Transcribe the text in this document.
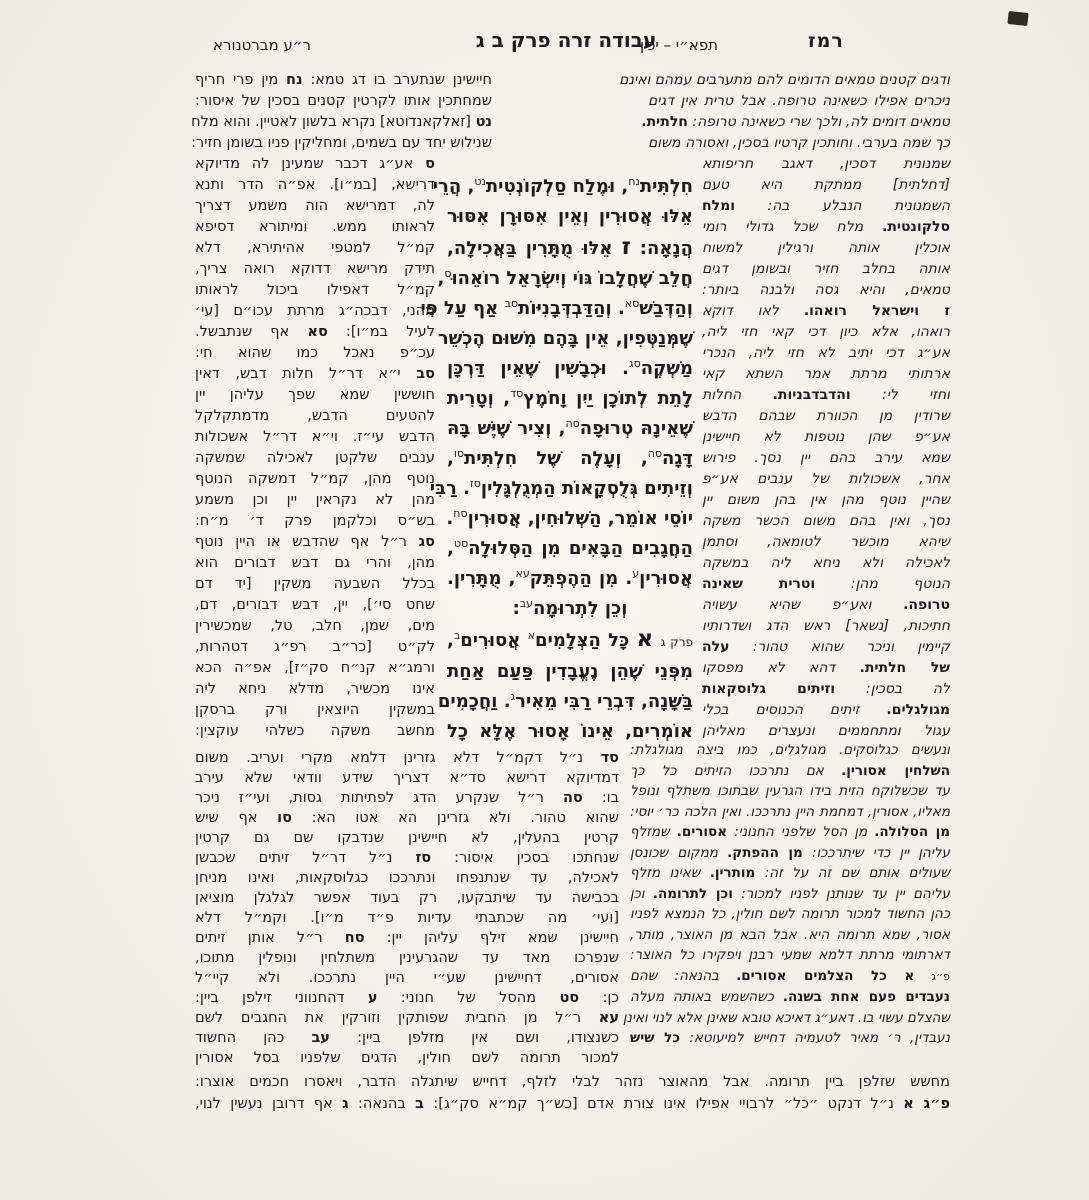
ר״ע מברטנורא	עבודה זרה פרק ב ג
תפא״י – יכין	רמז
חיישינן שנתערב בו דג טמא: נח מין פרי חריף
שמחתכין אותו לקרטין קטנים בסכין של איסור:
נט [זאלקאנדוטא] נקרא בלשון לאטיין. והוא מלח
שנילוש יחד עם בשמים, ומחליקין פניו בשומן חזיר:
ס אע״ג דכבר שמעינן לה מדיוקא
דרישא, [במ״ו]. אפ״ה הדר ותנא
לה, דמרישא הוה משמע דצריך
לראותו ממש. ומיתורא דסיפא
קמ״ל למטפי אהיתירא, דלא
תידק מרישא דדוקא רואה צריך,
קמ״ל דאפילו ביכול לראותו
מהני, דבכה״ג מרתת עכו״ם [עי׳
לעיל במ״ו]: סא אף שנתבשל.
עכ״פ נאכל כמו שהוא חי:
סב י״א דר״ל חלות דבש, דאין
חוששין שמא שפך עליהן יין
להטעים הדבש, מדמתקלקל
הדבש עי״ז. וי״א דר״ל אשכולות
ענבים שלקטן לאכילה שמשקה
נוטף מהן, קמ״ל דמשקה הנוטף
מהן לא נקראין יין וכן משמע
בש״ס וכלקמן פרק ד׳ מ״ח:
סג ר״ל אף שהדבש או היין נוטף
מהן, והרי גם דבש דבורים הוא
בכלל השבעה משקין [יד דם
שחט סי׳], יין, דבש דבורים, דם,
מים, שמן, חלב, טל, שמכשירין
לק״ט [כר״ב רפ״ג דטהרות,
ורמג״א קנ״ח סק״ז], אפ״ה הכא
אינו מכשיר, מדלא ניחא ליה
במשקין היוצאין ורק ברסקן
מחשב משקה כשלהי עוקצין:
חִלְתִּית$^{נח}$, וּמֶלַח סַלְקוֹנְטִית$^{נט}$, הֲרֵי
אֵלּוּ אֲסוּרִין וְאֵין אִסּוּרָן אִסּוּר
הֲנָאָה: ז אֵלּוּ מֻתָּרִין בַּאֲכִילָה,
חֲלֵב שֶׁחֲלָבוֹ גּוֹי וְיִשְׂרָאֵל רוֹאֵהוּ$^ס$,
וְהַדְּבַשׁ$^{סא}$. וְהַדַּבְדְּבָנִיּוֹת$^{סב}$ אַף עַל פִּי
שֶׁמְּנַטְּפִין, אֵין בָּהֶם מִשּׁוּם הֶכְשֵׁר
מַשְׁקֶה$^{סג}$. וּכְבָשִׁין שֶׁאֵין דַּרְכָּן
לָתֵת לְתוֹכָן יַיִן וָחֹמֶץ$^{סד}$, וְטָרִית
שֶׁאֵינָהּ טְרוּפָה$^{סה}$, וְצִיר שֶׁיֶּשׁ בָּהּ
דָּגָה$^{סה}$, וְעָלֶה שֶׁל חִלְתִּית$^{סו}$,
וְזֵיתִים גְּלֻסְקָאוֹת הַמְגֻלְגָּלִין$^{סז}$. רַבִּי
יוֹסֵי אוֹמֵר, הַשְּׁלוּחִין, אֲסוּרִין$^{סח}$.
הַחֲגָבִים הַבָּאִים מִן הַסְּלוּלָה$^{סט}$,
אֲסוּרִין$^ע$. מִן הַהֶפְתֵּק$^{עא}$, מֻתָּרִין.
וְכֵן לִתְרוּמָה$^{עב}$:
פרק ג א כָּל הַצְּלָמִים$^א$ אֲסוּרִים$^ב$,
מִפְּנֵי שֶׁהֵן נֶעֱבָדִין פַּעַם אַחַת
בַּשָּׁנָה, דִּבְרֵי רַבִּי מֵאִיר$^ג$. וַחֲכָמִים
אוֹמְרִים, אֵינוֹ אָסוּר אֶלָּא כָל
ודגים קטנים טמאים הדומים להם מתערבים עמהם ואינם
ניכרים אפילו כשאינה טרופה. אבל טרית אין דגים
טמאים דומים לה, ולכך שרי כשאינה טרופה: חלתית.
כך שמה בערבי. וחותכין קרטיו בסכין, ואסורה משום
שמנונית דסכין, דאגב חריפותא
[דחלתית] ממתקת היא טעם
השמנונית הנבלע בה: ומלח
סלקונטית. מלח שכל גדולי רומי
אוכלין אותה ורגילין למשוח
אותה בחלב חזיר ובשומן דגים
טמאים, והיא גסה ולבנה ביותר:
ז וישראל רואהו. לאו דוקא
רואהו, אלא כיון דכי קאי חזי ליה,
אע״ג דכי יתיב לא חזי ליה, הנכרי
ארתותי מרתת אמר השתא קאי
וחזי לי: והדבדבניות. החלות
שרודין מן הכוורת שבהם הדבש
אע״פ שהן נוטפות לא חיישינן
שמא עירב בהם יין נסך. פירוש
אחר, אשכולות של ענבים אע״פ
שהיין נוטף מהן אין בהן משום יין
נסך, ואין בהם משום הכשר משקה
שיהא מוכשר לטומאה, וסתמן
לאכילה ולא ניחא ליה במשקה
הנוטף מהן: וטרית שאינה
טרופה. ואע״פ שהיא עשויה
חתיכות, [נשאר] ראש הדג ושדרותיו
קיימין וניכר שהוא טהור: עלה
של חלתית. דהא לא מפסקו
לה בסכין: וזיתים גלוסקאות
מגולגלים. זיתים הכנוסים בכלי
עגול ומתחממים ונעצרים מאליהן
סד נ״ל דקמ״ל דלא גזרינן דלמא מקרי ועריב. משום
דמדיוקא דרישא סד״א דצריך שידע וודאי שלא עירב
בו: סה ר״ל שנקרע הדג לפתיתות גסות, ועי״ז ניכר
שהוא טהור. ולא גזרינן הא אטו הא: סו אף שיש
קרטין בהעלין, לא חיישינן שנדבקו שם גם קרטין
שנחתכו בסכין איסור: סז נ״ל דר״ל זיתים שכבשן
לאכילה, עד שנתנפחו ונתרככו כגלוסקאות, ואינו מניחן
בכבישה עד שיתבקעו, רק בעוד אפשר לגלגלן מוציאן
[ועי׳ מה שכתבתי עדיות פ״ד מ״ו]. וקמ״ל דלא
חיישינן שמא זילף עליהן יין: סח ר״ל אותן זיתים
שנפרכו מאד עד שהגרעינין משתלחין ונופלין מתוכו,
אסורים, דחיישינן שע״י היין נתרככו. ולא קיי״ל
כן: סט מהסל של חנוני: ע דהחנווני זילפן ביין:
עא ר״ל מן החבית שפותקין וזורקין את החגבים לשם
כשנצודו, ושם אין מזלפן ביין: עב כהן החשוד
למכור תרומה לשם חולין, הדגים שלפניו בסל אסורין
ונעשים כגלוסקים. מגולגלים, כמו ביצה מגולגלת:
השלחין אסורין. אם נתרככו הזיתים כל כך
עד שכשלוקח הזית בידו הגרעין שבתוכו משתלף ונופל
מאליו, אסורין, דמחמת היין נתרככו. ואין הלכה כר׳ יוסי:
מן הסלולה. מן הסל שלפני החנוני: אסורים. שמזלף
עליהן יין כדי שיתרככו: מן ההפתק. ממקום שכונסן
שעולים אותם שם זה על זה: מותרין. שאינו מזלף
עליהם יין עד שנותנן לפניו למכור: וכן לתרומה. וכן
כהן החשוד למכור תרומה לשם חולין, כל הנמצא לפניו
אסור, שמא תרומה היא. אבל הבא מן האוצר, מותר,
דארתומי מרתת דלמא שמעי רבנן ויפקירו כל האוצר:
פ״ג א כל הצלמים אסורים. בהנאה: שהם
נעבדים פעם אחת בשנה. כשהשמש באותה מעלה
שהצלם עשוי בו. דאע״ג דאיכא טובא שאינן אלא לנוי ואינן
נעבדין, ר׳ מאיר לטעמיה דחייש למיעוטא: כל שיש
מחשש שזלפן ביין תרומה. אבל מהאוצר נזהר לבלי לזלף, דחייש שיתגלה הדבר, ויאסרו חכמים אוצרו:
פ״ג א נ״ל דנקט ״כל״ לרבויי אפילו אינו צורת אדם [כש״ך קמ״א סק״ג]: ב בהנאה: ג אף דרובן נעשין לנוי,
